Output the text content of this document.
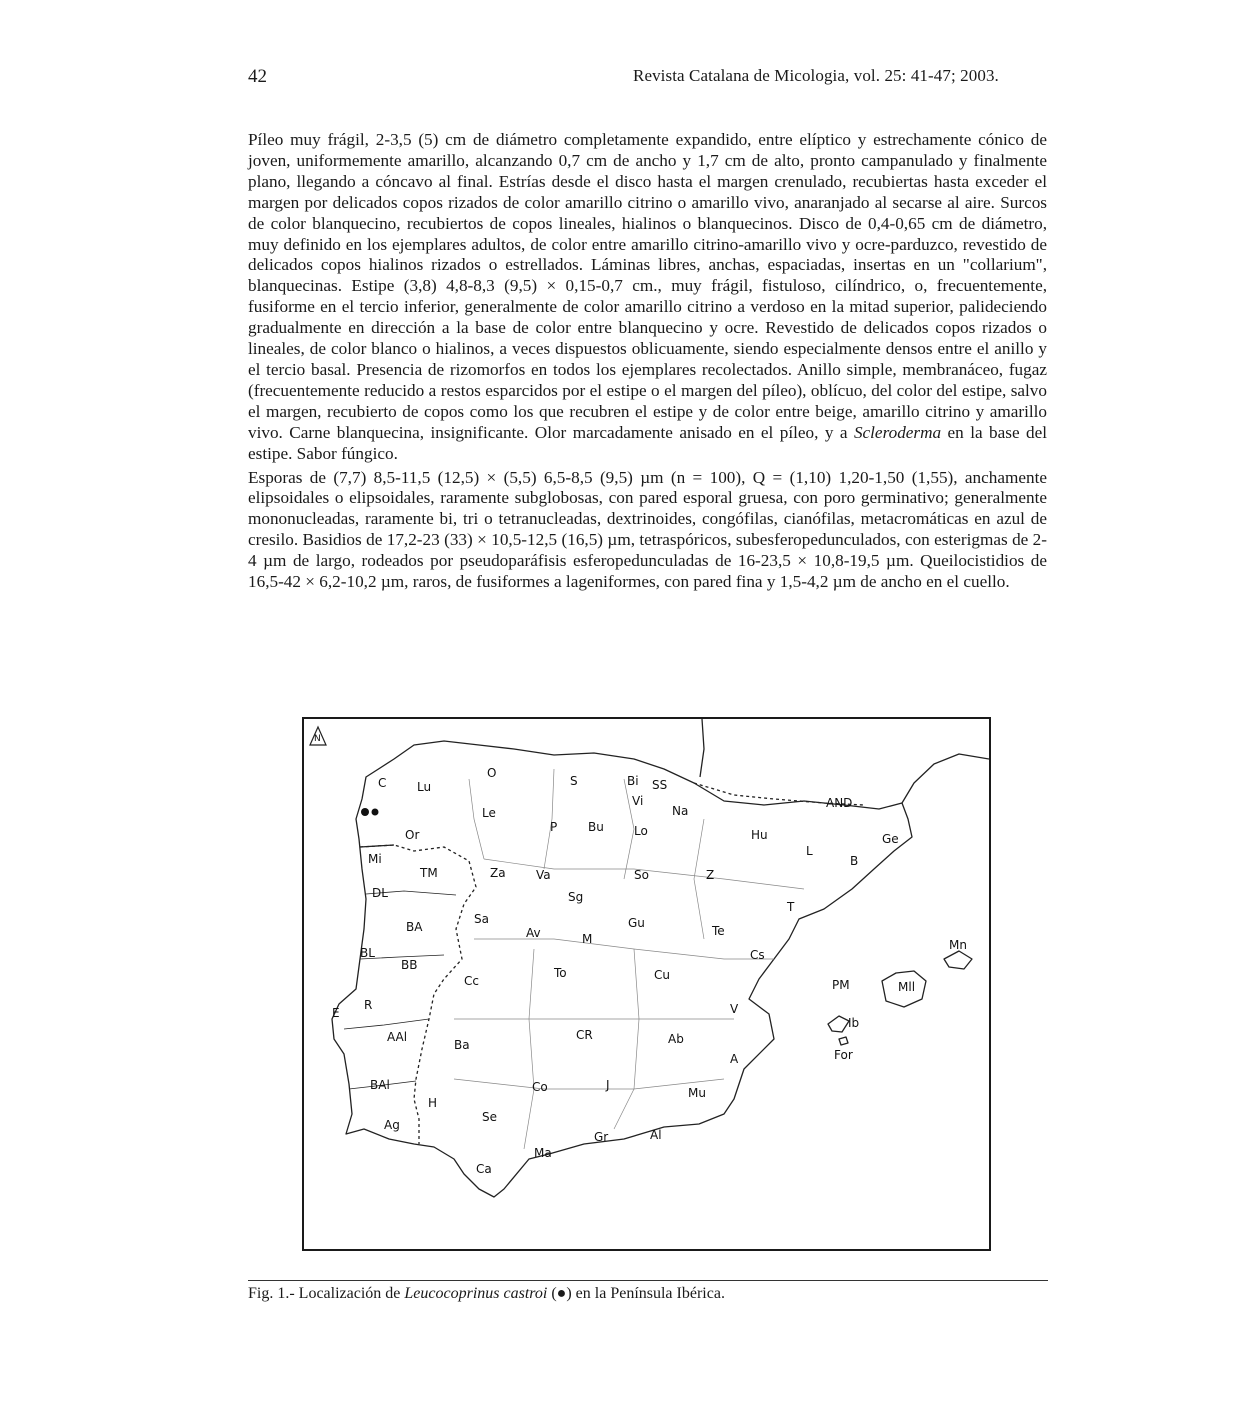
42	Revista Catalana de Micologia, vol. 25: 41-47; 2003.

Píleo muy frágil, 2-3,5 (5) cm de diámetro completamente expandido, entre elíptico y estrechamente cónico de joven, uniformemente amarillo, alcanzando 0,7 cm de ancho y 1,7 cm de alto, pronto campanulado y finalmente plano, llegando a cóncavo al final. Estrías desde el disco hasta el margen crenulado, recubiertas hasta exceder el margen por delicados copos rizados de color amarillo citrino o amarillo vivo, anaranjado al secarse al aire. Surcos de color blanquecino, recubiertos de copos lineales, hialinos o blanquecinos. Disco de 0,4-0,65 cm de diámetro, muy definido en los ejemplares adultos, de color entre amarillo citrino-amarillo vivo y ocre-parduzco, revestido de delicados copos hialinos rizados o estrellados. Láminas libres, anchas, espaciadas, insertas en un "collarium", blanquecinas. Estipe (3,8) 4,8-8,3 (9,5) × 0,15-0,7 cm., muy frágil, fistuloso, cilíndrico, o, frecuentemente, fusiforme en el tercio inferior, generalmente de color amarillo citrino a verdoso en la mitad superior, palideciendo gradualmente en dirección a la base de color entre blanquecino y ocre. Revestido de delicados copos rizados o lineales, de color blanco o hialinos, a veces dispuestos oblicuamente, siendo especialmente densos entre el anillo y el tercio basal. Presencia de rizomorfos en todos los ejemplares recolectados. Anillo simple, membranáceo, fugaz (frecuentemente reducido a restos esparcidos por el estipe o el margen del píleo), oblícuo, del color del estipe, salvo el margen, recubierto de copos como los que recubren el estipe y de color entre beige, amarillo citrino y amarillo vivo. Carne blanquecina, insignificante. Olor marcadamente anisado en el píleo, y a Scleroderma en la base del estipe. Sabor fúngico.

Esporas de (7,7) 8,5-11,5 (12,5) × (5,5) 6,5-8,5 (9,5) µm (n = 100), Q = (1,10) 1,20-1,50 (1,55), anchamente elipsoidales o elipsoidales, raramente subglobosas, con pared esporal gruesa, con poro germinativo; generalmente mononucleadas, raramente bi, tri o tetranucleadas, dextrinoides, congófilas, cianófilas, metacromáticas en azul de cresilo. Basidios de 17,2-23 (33) × 10,5-12,5 (16,5) µm, tetraspóricos, subesferopedunculados, con esterigmas de 2-4 µm de largo, rodeados por pseudoparáfisis esferopedunculadas de 16-23,5 × 10,8-19,5 µm. Queilocistidios de 16,5-42 × 6,2-10,2 µm, raros, de fusiformes a lageniformes, con pared fina y 1,5-4,2 µm de ancho en el cuello.

N
C	Lu
O
S	Bi SS
Vi	AND
Le	Na
P	Bu	Lo	Hu	Ge
Or
L
B
Mi
TM	Za	Va	So	Z
DL	Sg
T
BA
Sa
Av
Gu
Te
M
BL	Cs
Mn
BB
To	Cu
Cc	PM	Mll
R
E	V
AAl
Ib
CR	Ab
Ba
For
A
BAl	Co	J
Mu
H
Se
Ag
Gr	Al
Ma
Ca
Fig. 1.- Localización de Leucocoprinus castroi (●) en la Península Ibérica.
